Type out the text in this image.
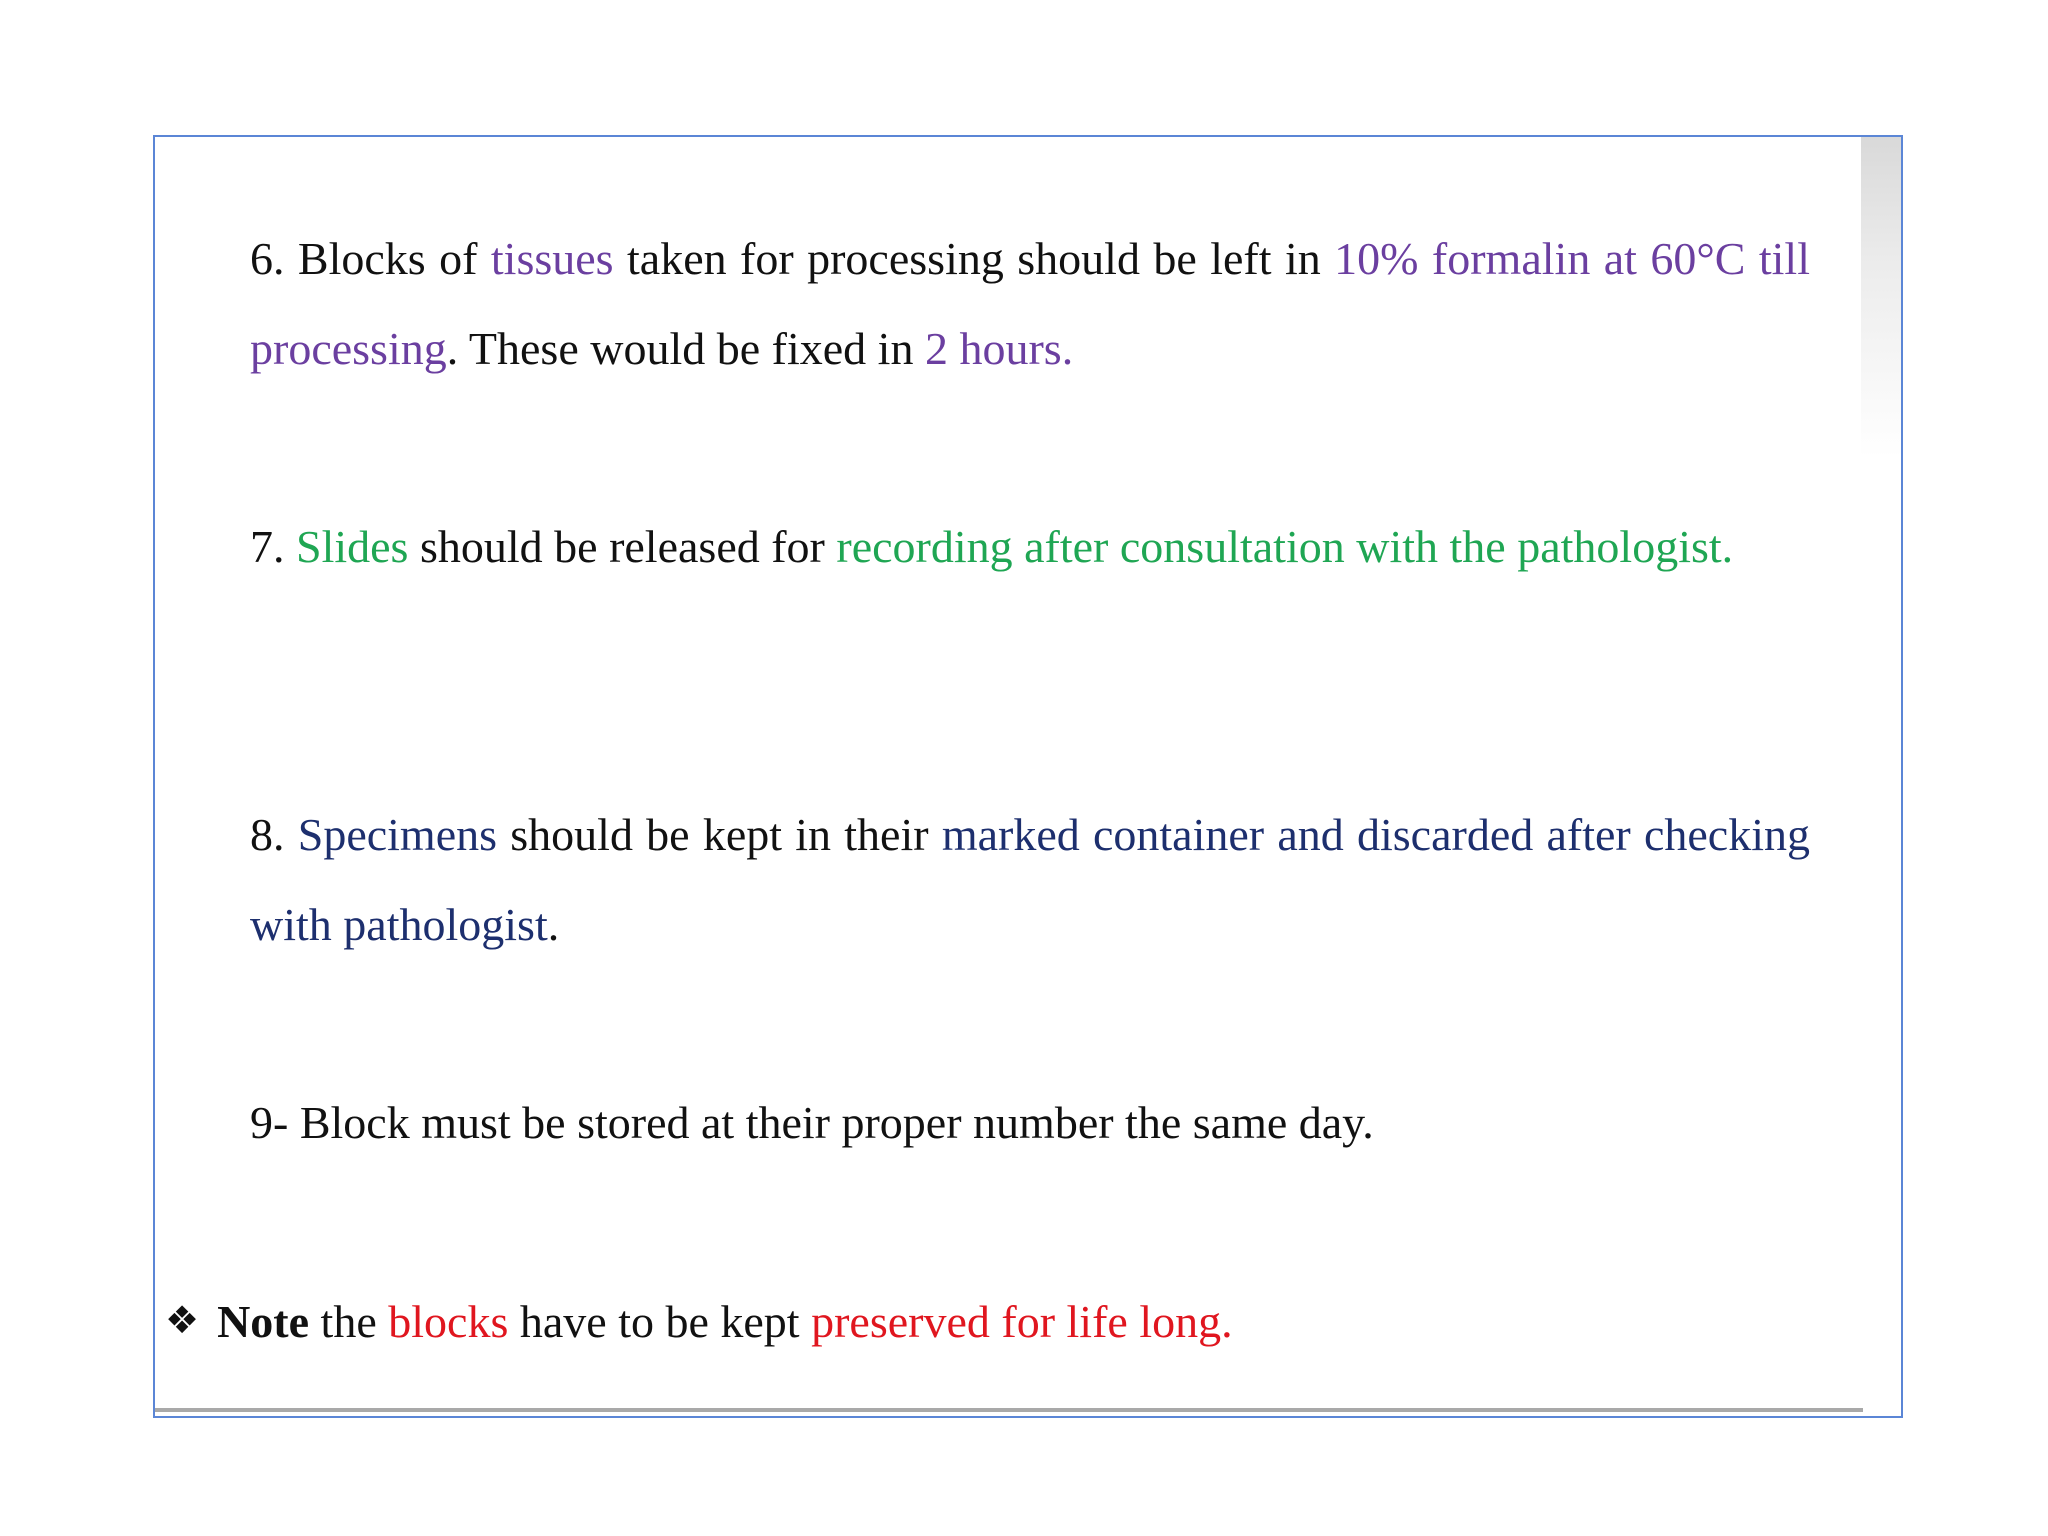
6. Blocks of tissues taken for processing should be left in 10% formalin at 60°C till processing. These would be fixed in 2 hours.

7. Slides should be released for recording after consultation with the pathologist.

8. Specimens should be kept in their marked container and discarded after checking with pathologist.

9- Block must be stored at their proper number the same day.

❖ Note the blocks have to be kept preserved for life long.
